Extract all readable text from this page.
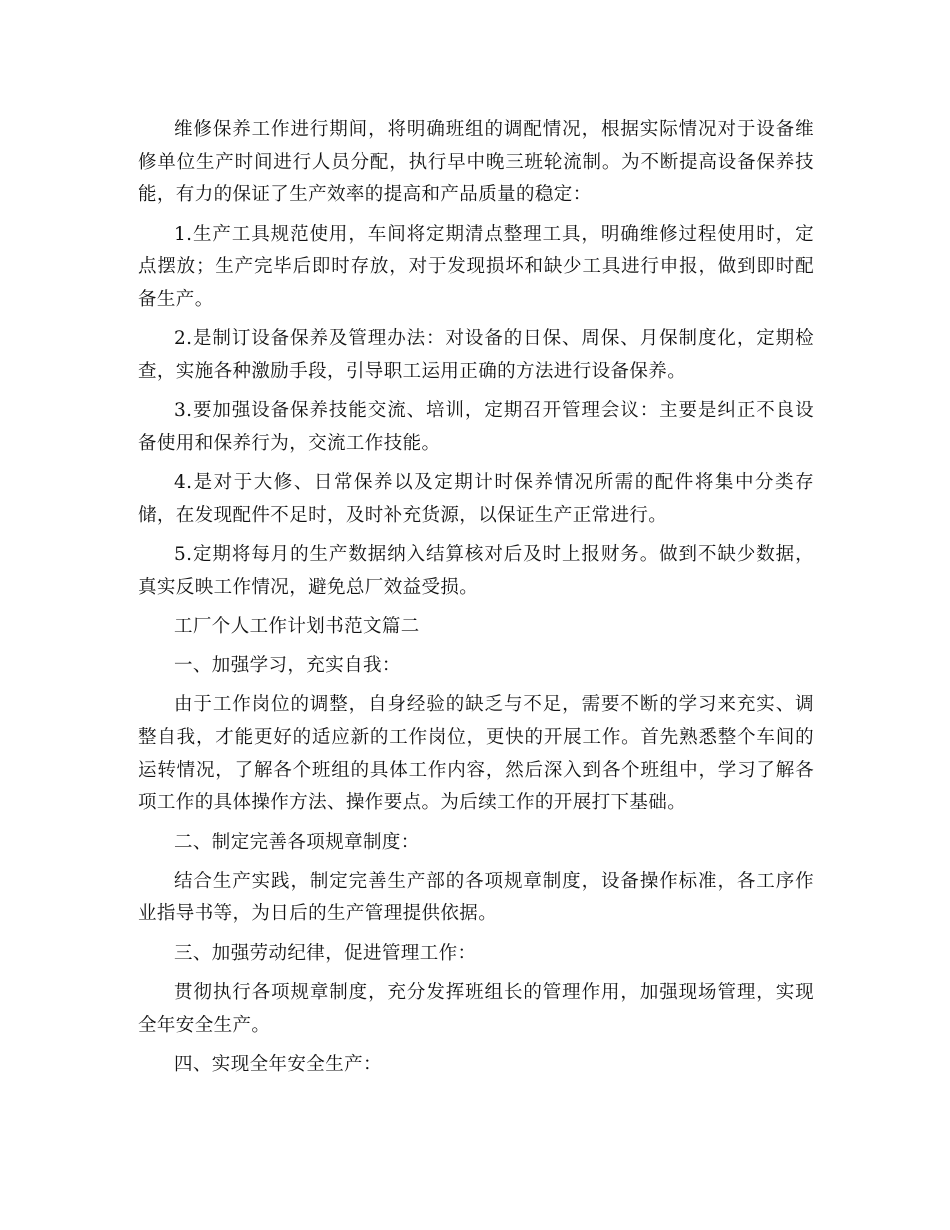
维修保养工作进行期间，将明确班组的调配情况，根据实际情况对于设备维修单位生产时间进行人员分配，执行早中晚三班轮流制。为不断提高设备保养技能，有力的保证了生产效率的提高和产品质量的稳定：

1.生产工具规范使用，车间将定期清点整理工具，明确维修过程使用时，定点摆放；生产完毕后即时存放，对于发现损坏和缺少工具进行申报，做到即时配备生产。

2.是制订设备保养及管理办法：对设备的日保、周保、月保制度化，定期检查，实施各种激励手段，引导职工运用正确的方法进行设备保养。

3.要加强设备保养技能交流、培训，定期召开管理会议：主要是纠正不良设备使用和保养行为，交流工作技能。

4.是对于大修、日常保养以及定期计时保养情况所需的配件将集中分类存储，在发现配件不足时，及时补充货源，以保证生产正常进行。

5.定期将每月的生产数据纳入结算核对后及时上报财务。做到不缺少数据，真实反映工作情况，避免总厂效益受损。

工厂个人工作计划书范文篇二

一、加强学习，充实自我：

由于工作岗位的调整，自身经验的缺乏与不足，需要不断的学习来充实、调整自我，才能更好的适应新的工作岗位，更快的开展工作。首先熟悉整个车间的运转情况，了解各个班组的具体工作内容，然后深入到各个班组中，学习了解各项工作的具体操作方法、操作要点。为后续工作的开展打下基础。

二、制定完善各项规章制度：

结合生产实践，制定完善生产部的各项规章制度，设备操作标准，各工序作业指导书等，为日后的生产管理提供依据。

三、加强劳动纪律，促进管理工作：

贯彻执行各项规章制度，充分发挥班组长的管理作用，加强现场管理，实现全年安全生产。

四、实现全年安全生产：
